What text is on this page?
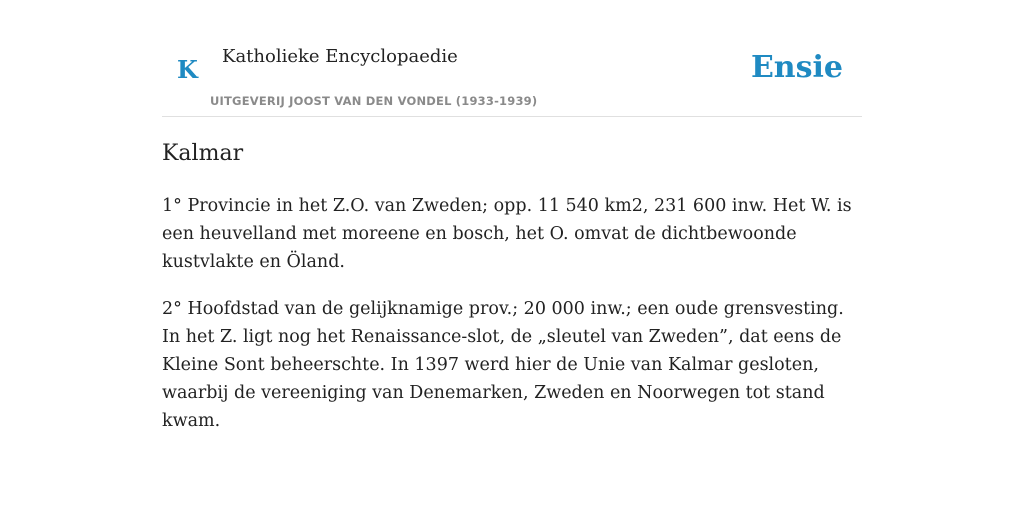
K Katholieke Encyclopaedie
UITGEVERIJ JOOST VAN DEN VONDEL (1933-1939)
Ensie
Kalmar

1° Provincie in het Z.O. van Zweden; opp. 11 540 km2, 231 600 inw. Het W. is een heuvelland met moreene en bosch, het O. omvat de dichtbewoonde kustvlakte en Öland.

2° Hoofdstad van de gelijknamige prov.; 20 000 inw.; een oude grensvesting. In het Z. ligt nog het Renaissance-slot, de „sleutel van Zweden”, dat eens de Kleine Sont beheerschte. In 1397 werd hier de Unie van Kalmar gesloten, waarbij de vereeniging van Denemarken, Zweden en Noorwegen tot stand kwam.
